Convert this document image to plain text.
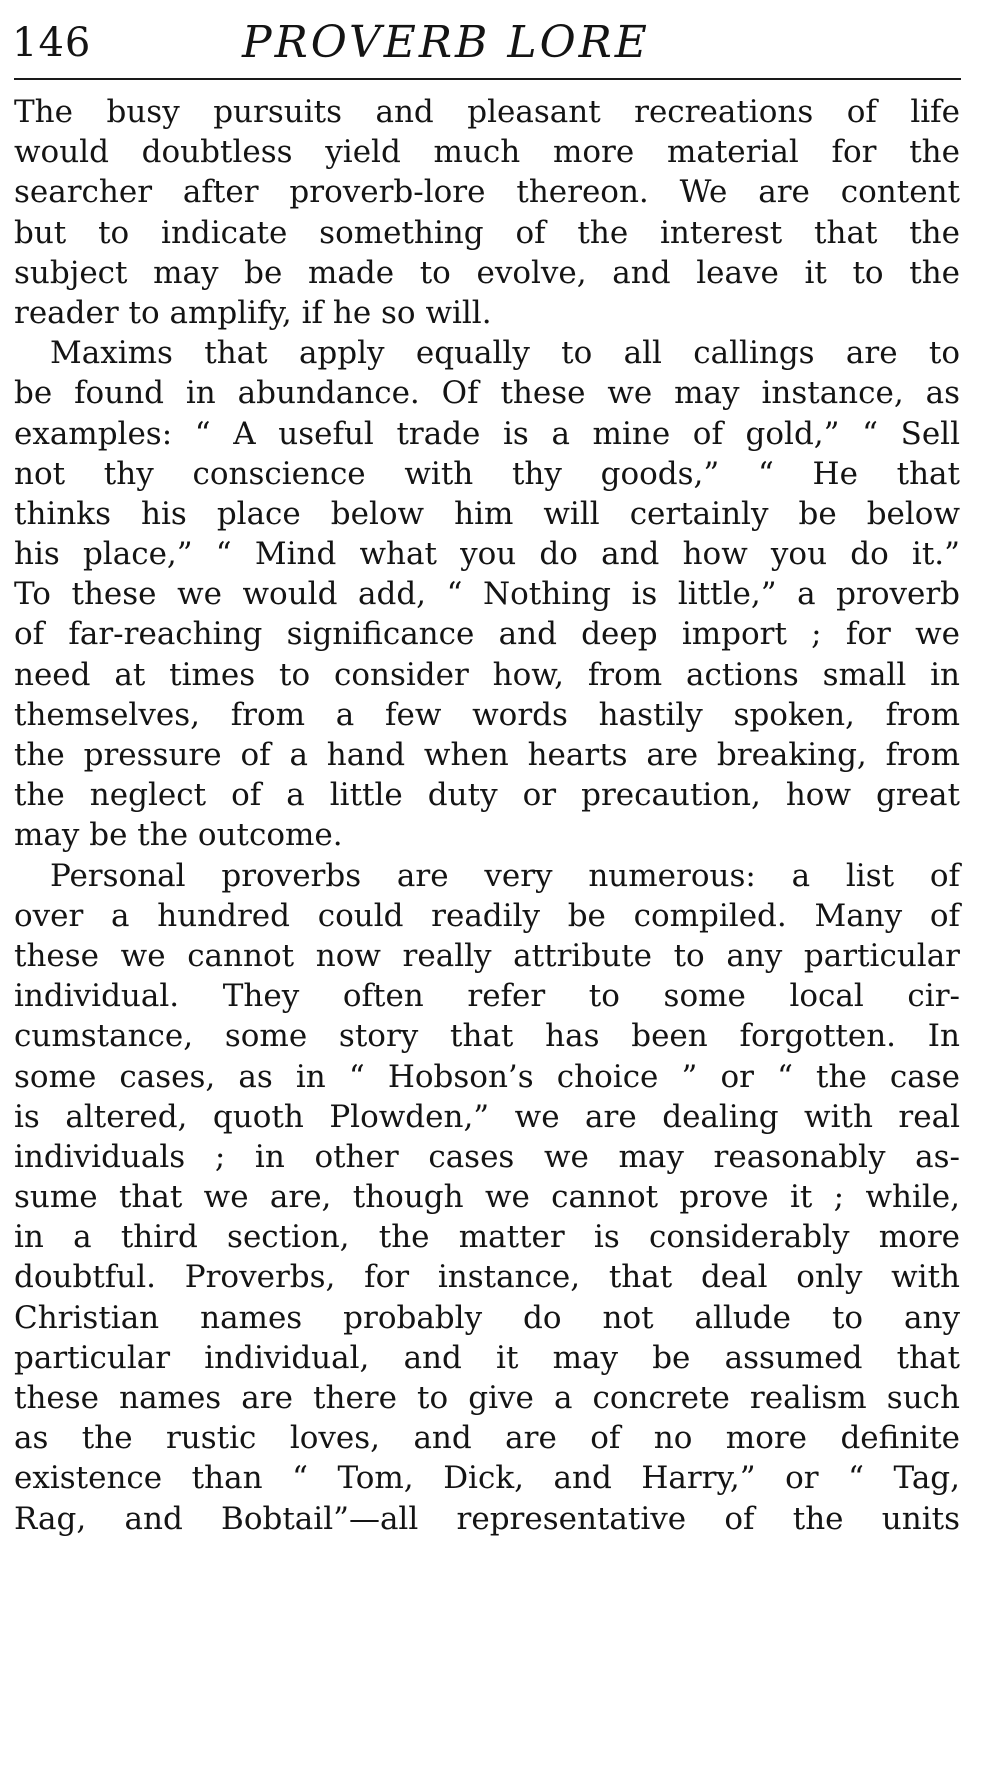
146	PROVERB LORE
The busy pursuits and pleasant recreations of life
would doubtless yield much more material for the
searcher after proverb-lore thereon. We are content
but to indicate something of the interest that the
subject may be made to evolve, and leave it to the
reader to amplify, if he so will.
Maxims that apply equally to all callings are to
be found in abundance. Of these we may instance, as
examples: “ A useful trade is a mine of gold,” “ Sell
not thy conscience with thy goods,” “ He that
thinks his place below him will certainly be below
his place,” “ Mind what you do and how you do it.”
To these we would add, “ Nothing is little,” a proverb
of far-reaching significance and deep import ; for we
need at times to consider how, from actions small in
themselves, from a few words hastily spoken, from
the pressure of a hand when hearts are breaking, from
the neglect of a little duty or precaution, how great
may be the outcome.
Personal proverbs are very numerous: a list of
over a hundred could readily be compiled. Many of
these we cannot now really attribute to any particular
individual. They often refer to some local cir-
cumstance, some story that has been forgotten. In
some cases, as in “ Hobson’s choice ” or “ the case
is altered, quoth Plowden,” we are dealing with real
individuals ; in other cases we may reasonably as-
sume that we are, though we cannot prove it ; while,
in a third section, the matter is considerably more
doubtful. Proverbs, for instance, that deal only with
Christian names probably do not allude to any
particular individual, and it may be assumed that
these names are there to give a concrete realism such
as the rustic loves, and are of no more definite
existence than “ Tom, Dick, and Harry,” or “ Tag,
Rag, and Bobtail”—all representative of the units
